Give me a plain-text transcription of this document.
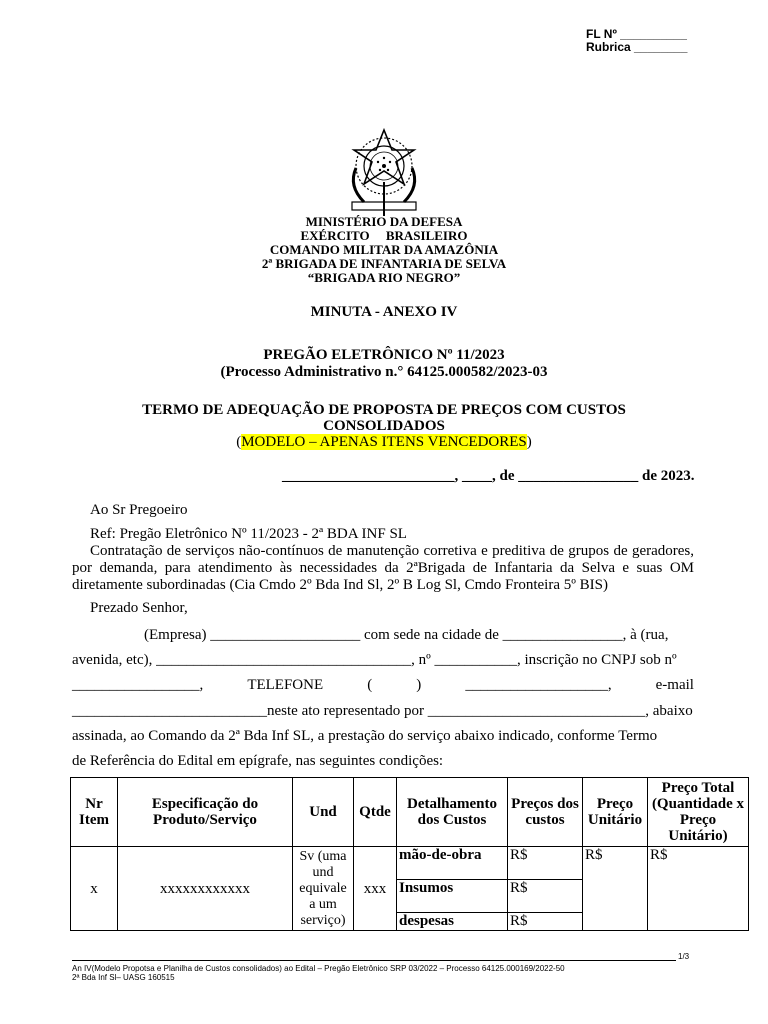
FL Nº __________
Rubrica ________
MINISTÉRIO DA DEFESA
EXÉRCITO     BRASILEIRO
COMANDO MILITAR DA AMAZÔNIA
2ª BRIGADA DE INFANTARIA DE SELVA
“BRIGADA RIO NEGRO”
MINUTA - ANEXO IV
PREGÃO ELETRÔNICO Nº 11/2023
(Processo Administrativo n.° 64125.000582/2023-03
TERMO DE ADEQUAÇÃO DE PROPOSTA DE PREÇOS COM CUSTOS
CONSOLIDADOS
(MODELO – APENAS ITENS VENCEDORES)
_______________________, ____, de ________________ de 2023.
Ao Sr Pregoeiro
Ref: Pregão Eletrônico Nº 11/2023 - 2ª BDA INF SL
Contratação de serviços não-contínuos de manutenção corretiva e preditiva de grupos de geradores, por demanda, para atendimento às necessidades da 2ªBrigada de Infantaria da Selva e suas OM diretamente subordinadas (Cia Cmdo 2º Bda Ind Sl, 2º B Log Sl, Cmdo Fronteira 5º BIS)
Prezado Senhor,
(Empresa) ____________________ com sede na cidade de ________________, à (rua,
avenida, etc), __________________________________, nº ___________, inscrição no CNPJ sob nº
_________________,	TELEFONE	(	)	___________________,	e-mail
__________________________neste ato representado por _____________________________, abaixo
assinada, ao Comando da 2ª Bda Inf SL, a prestação do serviço abaixo indicado, conforme Termo
de Referência do Edital em epígrafe, nas seguintes condições:
Nr Item	Especificação do Produto/Serviço	Und	Qtde	Detalhamento dos Custos	Preços dos custos	Preço Unitário	Preço Total (Quantidade x Preço Unitário)
x	xxxxxxxxxxxx	Sv (uma und equivale a um serviço)	xxx	mão-de-obra	R$	R$	R$
				Insumos	R$		
				despesas	R$		
1/3
An IV(Modelo Propotsa e Planilha de Custos consolidados) ao Edital – Pregão Eletrônico SRP 03/2022 – Processo 64125.000169/2022-50
2ª Bda Inf Sl– UASG 160515
